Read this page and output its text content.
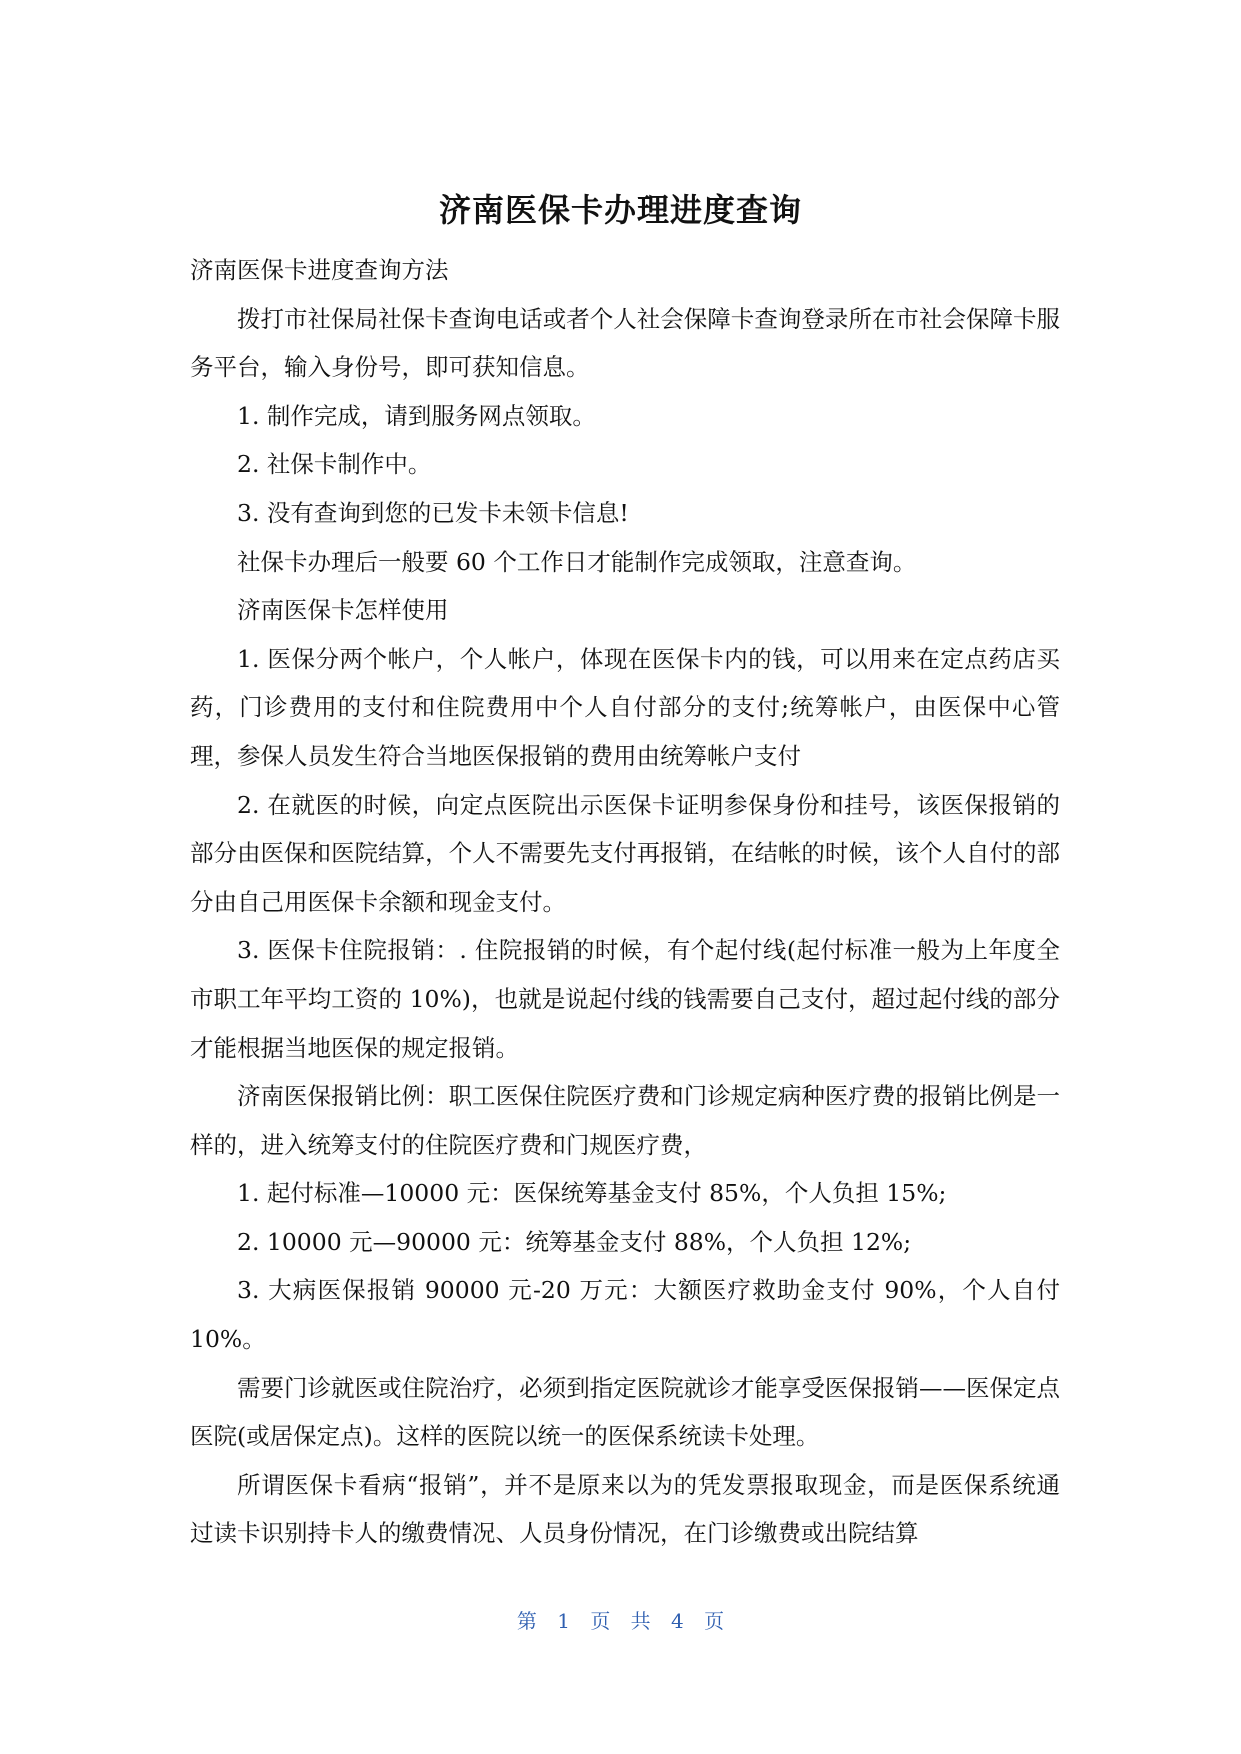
济南医保卡办理进度查询

济南医保卡进度查询方法

拨打市社保局社保卡查询电话或者个人社会保障卡查询登录所在市社会保障卡服务平台，输入身份号，即可获知信息。

1. 制作完成，请到服务网点领取。

2. 社保卡制作中。

3. 没有查询到您的已发卡未领卡信息!

社保卡办理后一般要 60 个工作日才能制作完成领取，注意查询。

济南医保卡怎样使用

1. 医保分两个帐户，个人帐户，体现在医保卡内的钱，可以用来在定点药店买药，门诊费用的支付和住院费用中个人自付部分的支付;统筹帐户，由医保中心管理，参保人员发生符合当地医保报销的费用由统筹帐户支付

2. 在就医的时候，向定点医院出示医保卡证明参保身份和挂号，该医保报销的部分由医保和医院结算，个人不需要先支付再报销，在结帐的时候，该个人自付的部分由自己用医保卡余额和现金支付。

3. 医保卡住院报销：. 住院报销的时候，有个起付线(起付标准一般为上年度全市职工年平均工资的 10%)，也就是说起付线的钱需要自己支付，超过起付线的部分才能根据当地医保的规定报销。

济南医保报销比例：职工医保住院医疗费和门诊规定病种医疗费的报销比例是一样的，进入统筹支付的住院医疗费和门规医疗费，

1. 起付标准—10000 元：医保统筹基金支付 85%，个人负担 15%;

2. 10000 元—90000 元：统筹基金支付 88%，个人负担 12%;

3. 大病医保报销 90000 元-20 万元：大额医疗救助金支付 90%，个人自付 10%。

需要门诊就医或住院治疗，必须到指定医院就诊才能享受医保报销——医保定点医院(或居保定点)。这样的医院以统一的医保系统读卡处理。

所谓医保卡看病“报销”，并不是原来以为的凭发票报取现金，而是医保系统通过读卡识别持卡人的缴费情况、人员身份情况，在门诊缴费或出院结算

第 1 页 共 4 页
